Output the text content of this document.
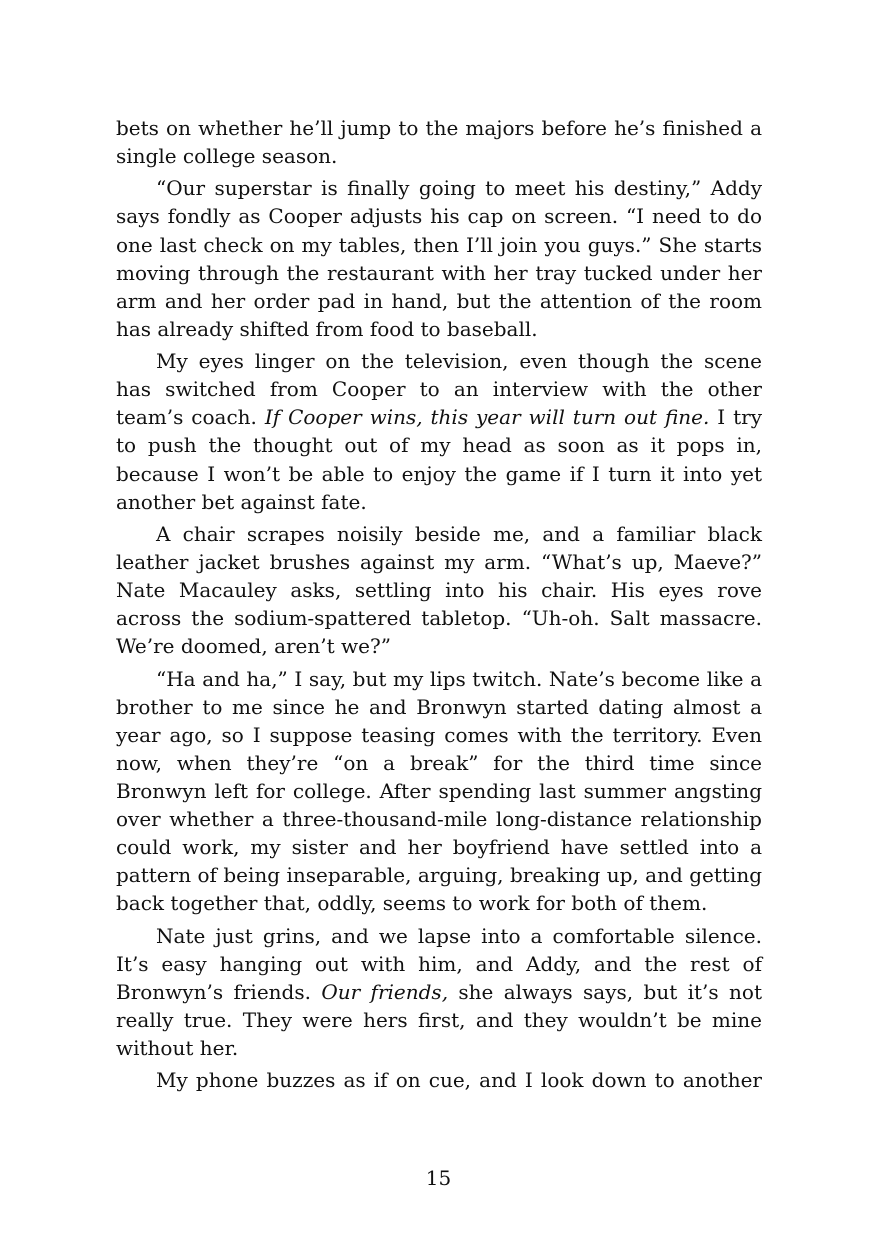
bets on whether he’ll jump to the majors before he’s finished a single college season.

“Our superstar is finally going to meet his destiny,” Addy says fondly as Cooper adjusts his cap on screen. “I need to do one last check on my tables, then I’ll join you guys.” She starts moving through the restaurant with her tray tucked under her arm and her order pad in hand, but the attention of the room has already shifted from food to baseball.

My eyes linger on the television, even though the scene has switched from Cooper to an interview with the other team’s coach. If Cooper wins, this year will turn out fine. I try to push the thought out of my head as soon as it pops in, because I won’t be able to enjoy the game if I turn it into yet another bet against fate.

A chair scrapes noisily beside me, and a familiar black leather jacket brushes against my arm. “What’s up, Maeve?” Nate Macauley asks, settling into his chair. His eyes rove across the sodium-spattered tabletop. “Uh-oh. Salt massacre. We’re doomed, aren’t we?”

“Ha and ha,” I say, but my lips twitch. Nate’s become like a brother to me since he and Bronwyn started dating almost a year ago, so I suppose teasing comes with the territory. Even now, when they’re “on a break” for the third time since Bronwyn left for college. After spending last summer angsting over whether a three-thousand-mile long-distance relationship could work, my sister and her boyfriend have settled into a pattern of being inseparable, arguing, breaking up, and getting back together that, oddly, seems to work for both of them.

Nate just grins, and we lapse into a comfortable silence. It’s easy hanging out with him, and Addy, and the rest of Bronwyn’s friends. Our friends, she always says, but it’s not really true. They were hers first, and they wouldn’t be mine without her.

My phone buzzes as if on cue, and I look down to another

15
